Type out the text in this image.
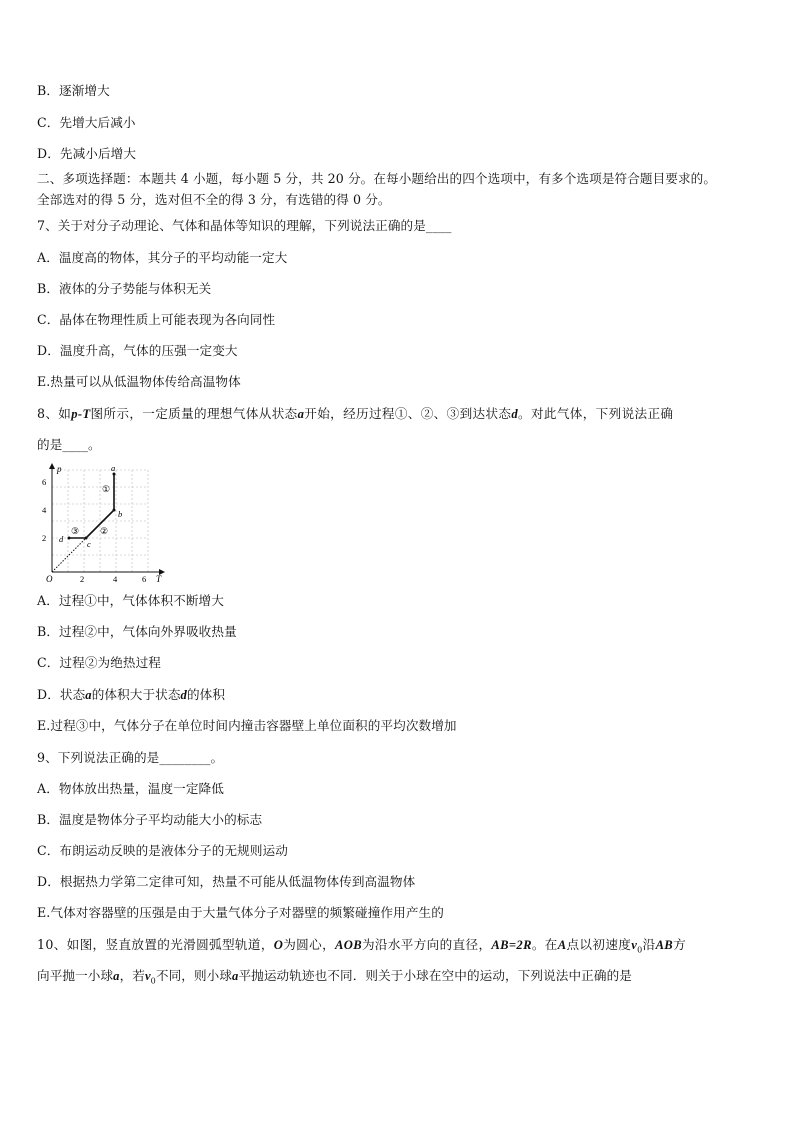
B．逐渐增大
C．先增大后减小
D．先减小后增大
二、多项选择题：本题共 4 小题，每小题 5 分，共 20 分。在每小题给出的四个选项中，有多个选项是符合题目要求的。
全部选对的得 5 分，选对但不全的得 3 分，有选错的得 0 分。
7、关于对分子动理论、气体和晶体等知识的理解，下列说法正确的是____
A．温度高的物体，其分子的平均动能一定大
B．液体的分子势能与体积无关
C．晶体在物理性质上可能表现为各向同性
D．温度升高，气体的压强一定变大
E.热量可以从低温物体传给高温物体
8、如p-T图所示，一定质量的理想气体从状态a开始，经历过程①、②、③到达状态d。对此气体，下列说法正确
的是____。
p
T
O	2	4	6
2
4
6
a
b
c
d
①
②
③
A．过程①中，气体体积不断增大
B．过程②中，气体向外界吸收热量
C．过程②为绝热过程
D．状态a的体积大于状态d的体积
E.过程③中，气体分子在单位时间内撞击容器壁上单位面积的平均次数增加
9、下列说法正确的是________。
A．物体放出热量，温度一定降低
B．温度是物体分子平均动能大小的标志
C．布朗运动反映的是液体分子的无规则运动
D．根据热力学第二定律可知，热量不可能从低温物体传到高温物体
E.气体对容器壁的压强是由于大量气体分子对器壁的频繁碰撞作用产生的
10、如图，竖直放置的光滑圆弧型轨道，O为圆心，AOB为沿水平方向的直径，AB=2R。在A点以初速度$v_0$沿AB方
向平抛一小球a，若$v_0$不同，则小球a平抛运动轨迹也不同．则关于小球在空中的运动，下列说法中正确的是
